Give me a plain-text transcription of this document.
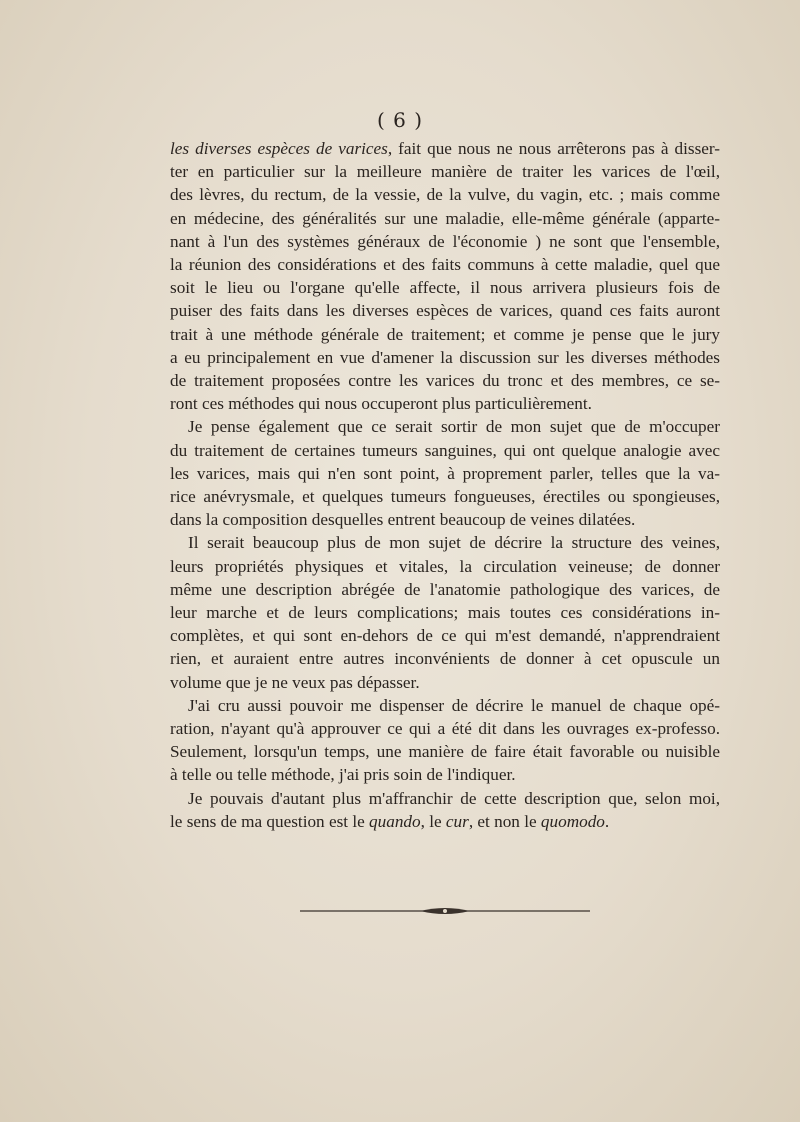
( 6 )
les diverses espèces de varices, fait que nous ne nous arrêterons pas à disser-
ter en particulier sur la meilleure manière de traiter les varices de l'œil,
des lèvres, du rectum, de la vessie, de la vulve, du vagin, etc. ; mais comme
en médecine, des généralités sur une maladie, elle-même générale (apparte-
nant à l'un des systèmes généraux de l'économie ) ne sont que l'ensemble,
la réunion des considérations et des faits communs à cette maladie, quel que
soit le lieu ou l'organe qu'elle affecte, il nous arrivera plusieurs fois de
puiser des faits dans les diverses espèces de varices, quand ces faits auront
trait à une méthode générale de traitement; et comme je pense que le jury
a eu principalement en vue d'amener la discussion sur les diverses méthodes
de traitement proposées contre les varices du tronc et des membres, ce se-
ront ces méthodes qui nous occuperont plus particulièrement.
Je pense également que ce serait sortir de mon sujet que de m'occuper
du traitement de certaines tumeurs sanguines, qui ont quelque analogie avec
les varices, mais qui n'en sont point, à proprement parler, telles que la va-
rice anévrysmale, et quelques tumeurs fongueuses, érectiles ou spongieuses,
dans la composition desquelles entrent beaucoup de veines dilatées.
Il serait beaucoup plus de mon sujet de décrire la structure des veines,
leurs propriétés physiques et vitales, la circulation veineuse; de donner
même une description abrégée de l'anatomie pathologique des varices, de
leur marche et de leurs complications; mais toutes ces considérations in-
complètes, et qui sont en-dehors de ce qui m'est demandé, n'apprendraient
rien, et auraient entre autres inconvénients de donner à cet opuscule un
volume que je ne veux pas dépasser.
J'ai cru aussi pouvoir me dispenser de décrire le manuel de chaque opé-
ration, n'ayant qu'à approuver ce qui a été dit dans les ouvrages ex-professo.
Seulement, lorsqu'un temps, une manière de faire était favorable ou nuisible
à telle ou telle méthode, j'ai pris soin de l'indiquer.
Je pouvais d'autant plus m'affranchir de cette description que, selon moi,
le sens de ma question est le quando, le cur, et non le quomodo.
